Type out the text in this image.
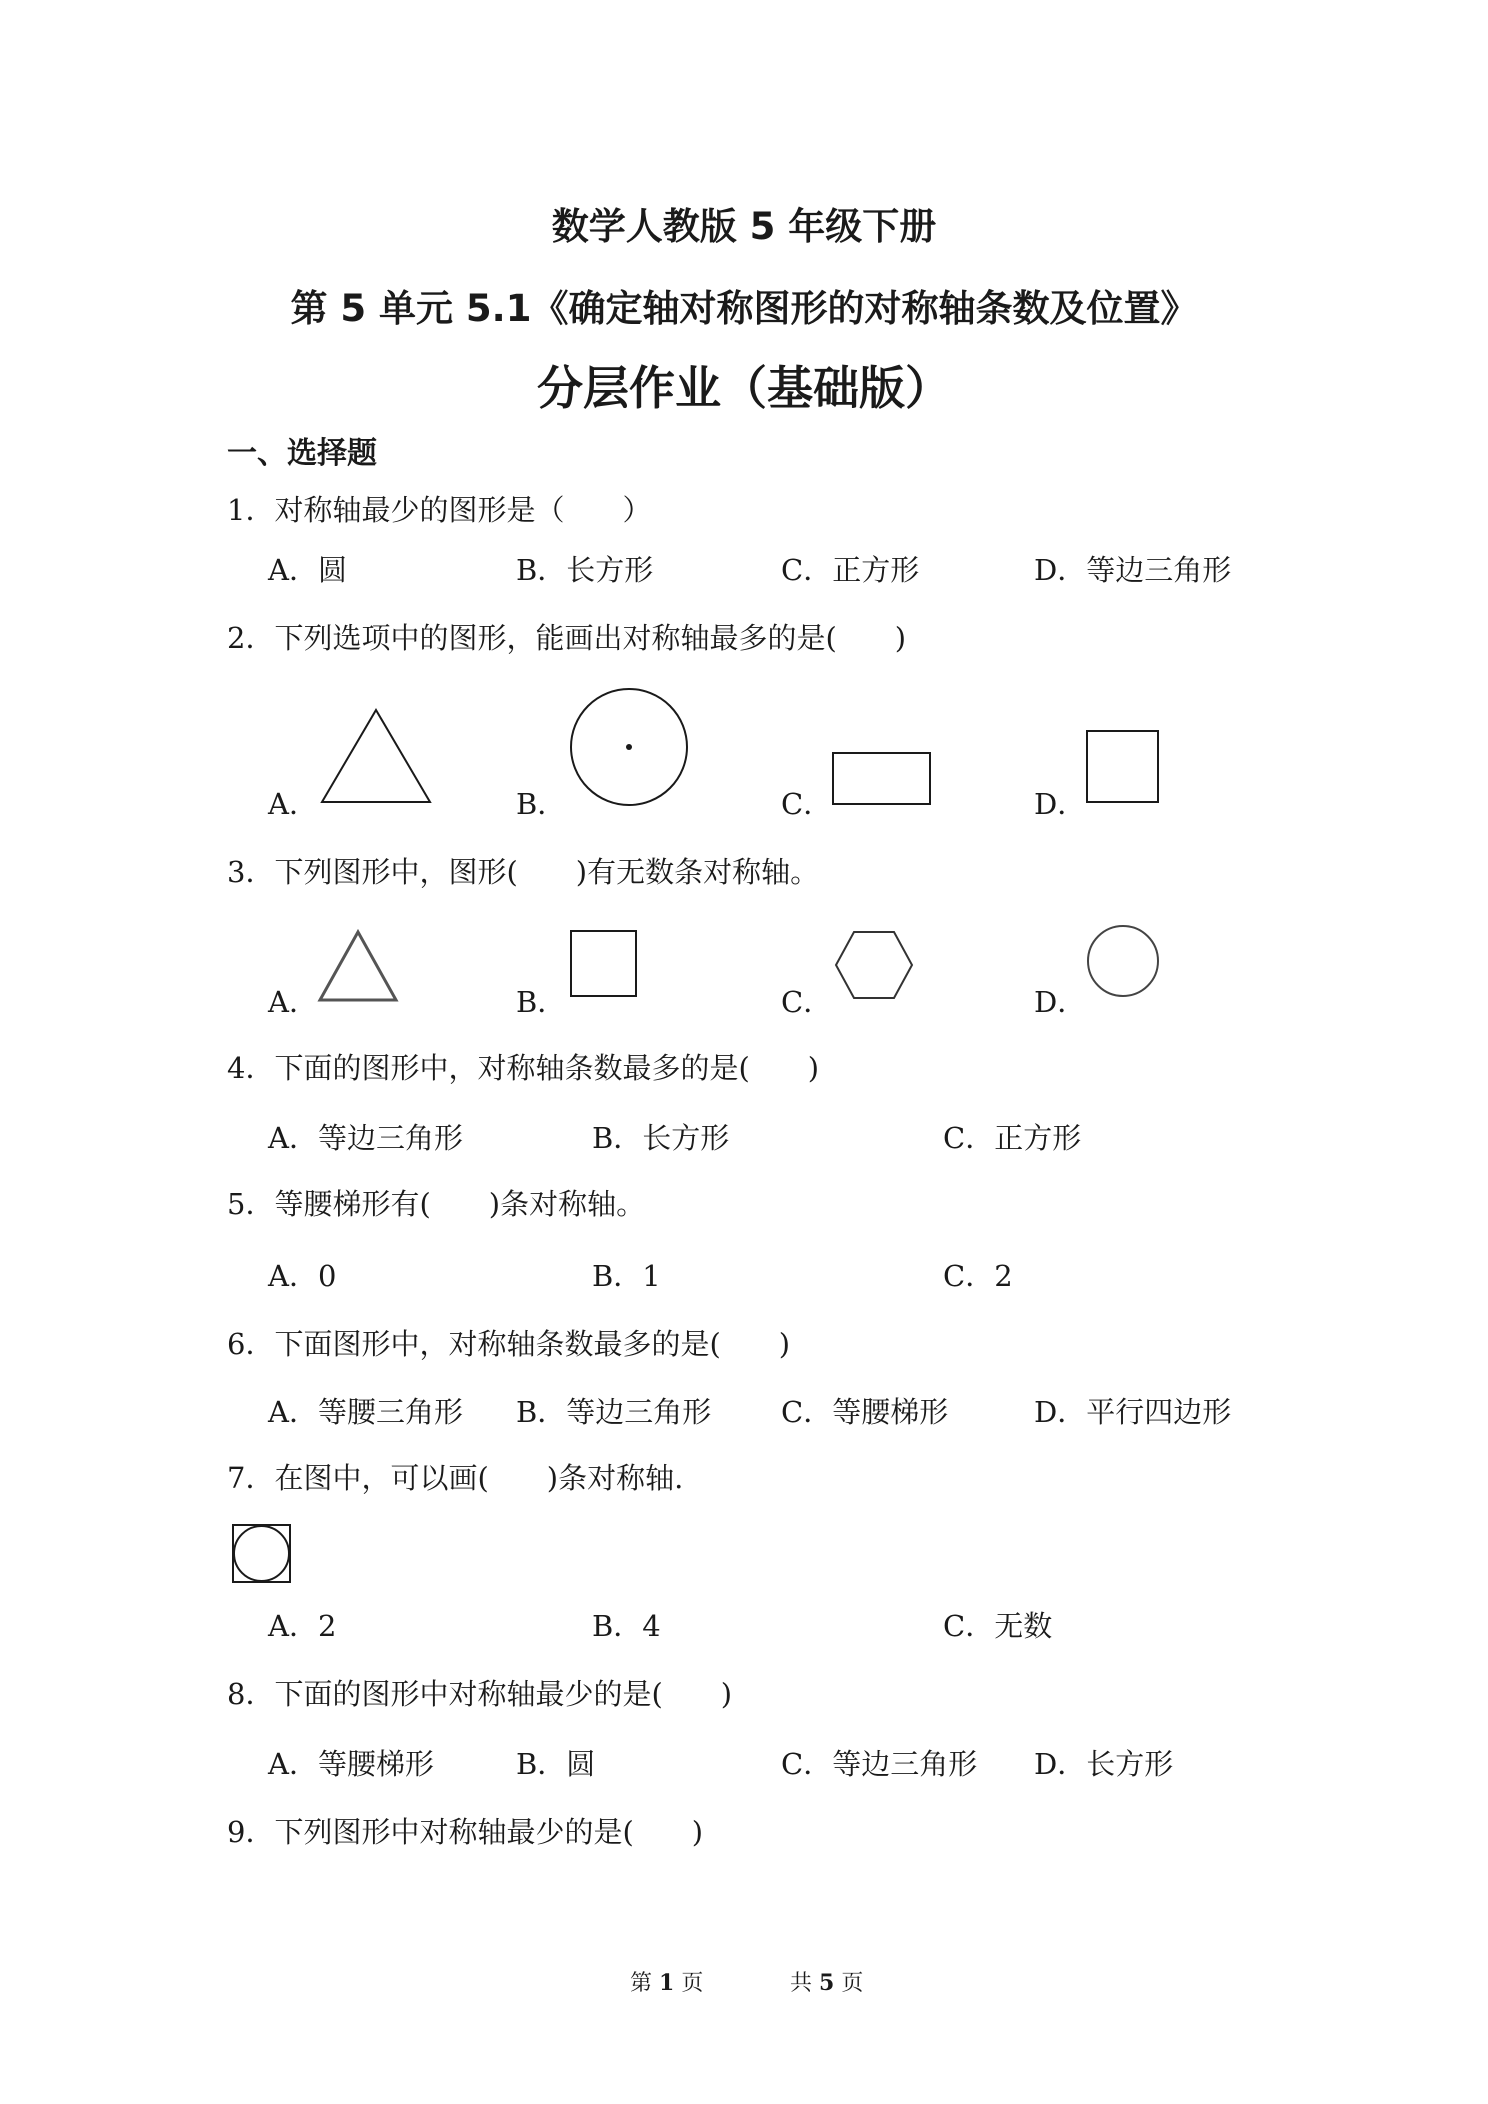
数学人教版 5 年级下册
第 5 单元 5.1《确定轴对称图形的对称轴条数及位置》
分层作业（基础版）
一、选择题
1．对称轴最少的图形是（　　）
A．圆	B．长方形	C．正方形	D．等边三角形
2．下列选项中的图形，能画出对称轴最多的是(　　)
A．	B．	C．	D．
3．下列图形中，图形(　　)有无数条对称轴。
A．	B．	C．	D．
4．下面的图形中，对称轴条数最多的是(　　)
A．等边三角形	B．长方形	C．正方形
5．等腰梯形有(　　)条对称轴。
A．0	B．1	C．2
6．下面图形中，对称轴条数最多的是(　　)
A．等腰三角形 B．等边三角形 C．等腰梯形	D．平行四边形
7．在图中，可以画(　　)条对称轴.
A．2	B．4	C．无数
8．下面的图形中对称轴最少的是(　　)
A．等腰梯形	B．圆	C．等边三角形 D．长方形
9．下列图形中对称轴最少的是(　　)
第 1 页	共 5 页
